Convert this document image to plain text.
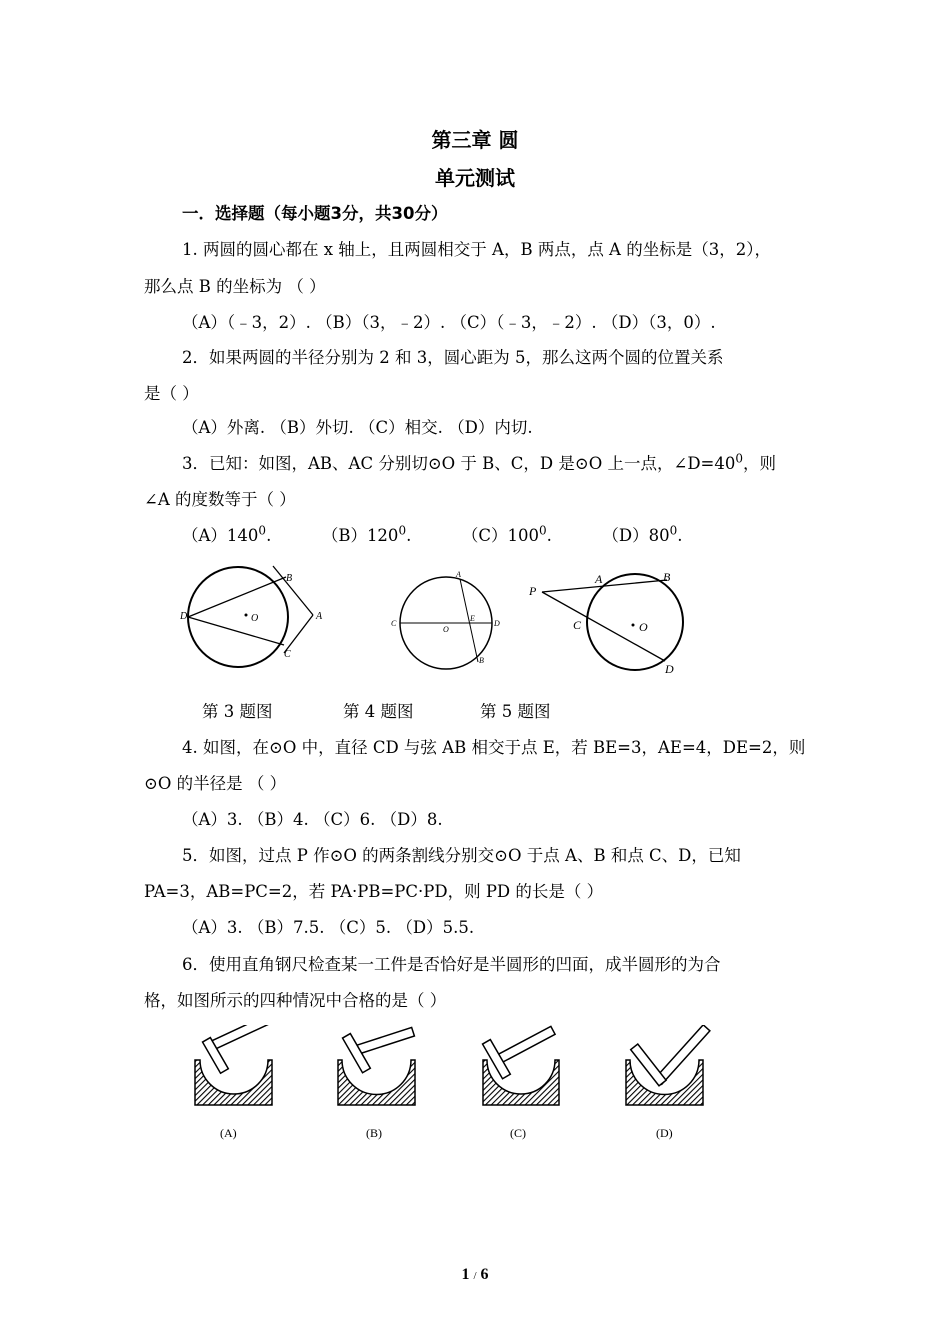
第三章 圆
单元测试
一．选择题（每小题3分，共30分）
1. 两圆的圆心都在 x 轴上，且两圆相交于 A，B 两点，点 A 的坐标是（3，2），
那么点 B 的坐标为 （ ）
（A）（﹣3，2）. （B）（3，﹣2）. （C）（﹣3，﹣2）. （D）（3，0）.
2．如果两圆的半径分别为 2 和 3，圆心距为 5，那么这两个圆的位置关系
是（ ）
（A）外离. （B）外切. （C）相交. （D）内切.
3．已知：如图，AB、AC 分别切⊙O 于 B、C，D 是⊙O 上一点，$\angle D=40^0$，则
∠A 的度数等于（ ）
$(A)140^0$.	$(B)120^0$.	$(C)100^0$.	$(D)80^0$.
B
D	O	A
C
A
C
O
E
D
B
P
A	B
C	O
D
第 3 题图	第 4 题图	第 5 题图
4. 如图，在⊙O 中，直径 CD 与弦 AB 相交于点 E，若 BE=3，AE=4，DE=2，则
⊙O 的半径是 （ ）
（A）3. （B）4. （C）6. （D）8.
5．如图，过点 P 作⊙O 的两条割线分别交⊙O 于点 A、B 和点 C、D，已知
PA=3，AB=PC=2，若 PA·PB=PC·PD，则 PD 的长是（ ）
（A）3. （B）7.5. （C）5. （D）5.5.
6．使用直角钢尺检查某一工件是否恰好是半圆形的凹面，成半圆形的为合
格，如图所示的四种情况中合格的是（ ）
(A)	(B)	(C)	(D)
1 / 6
